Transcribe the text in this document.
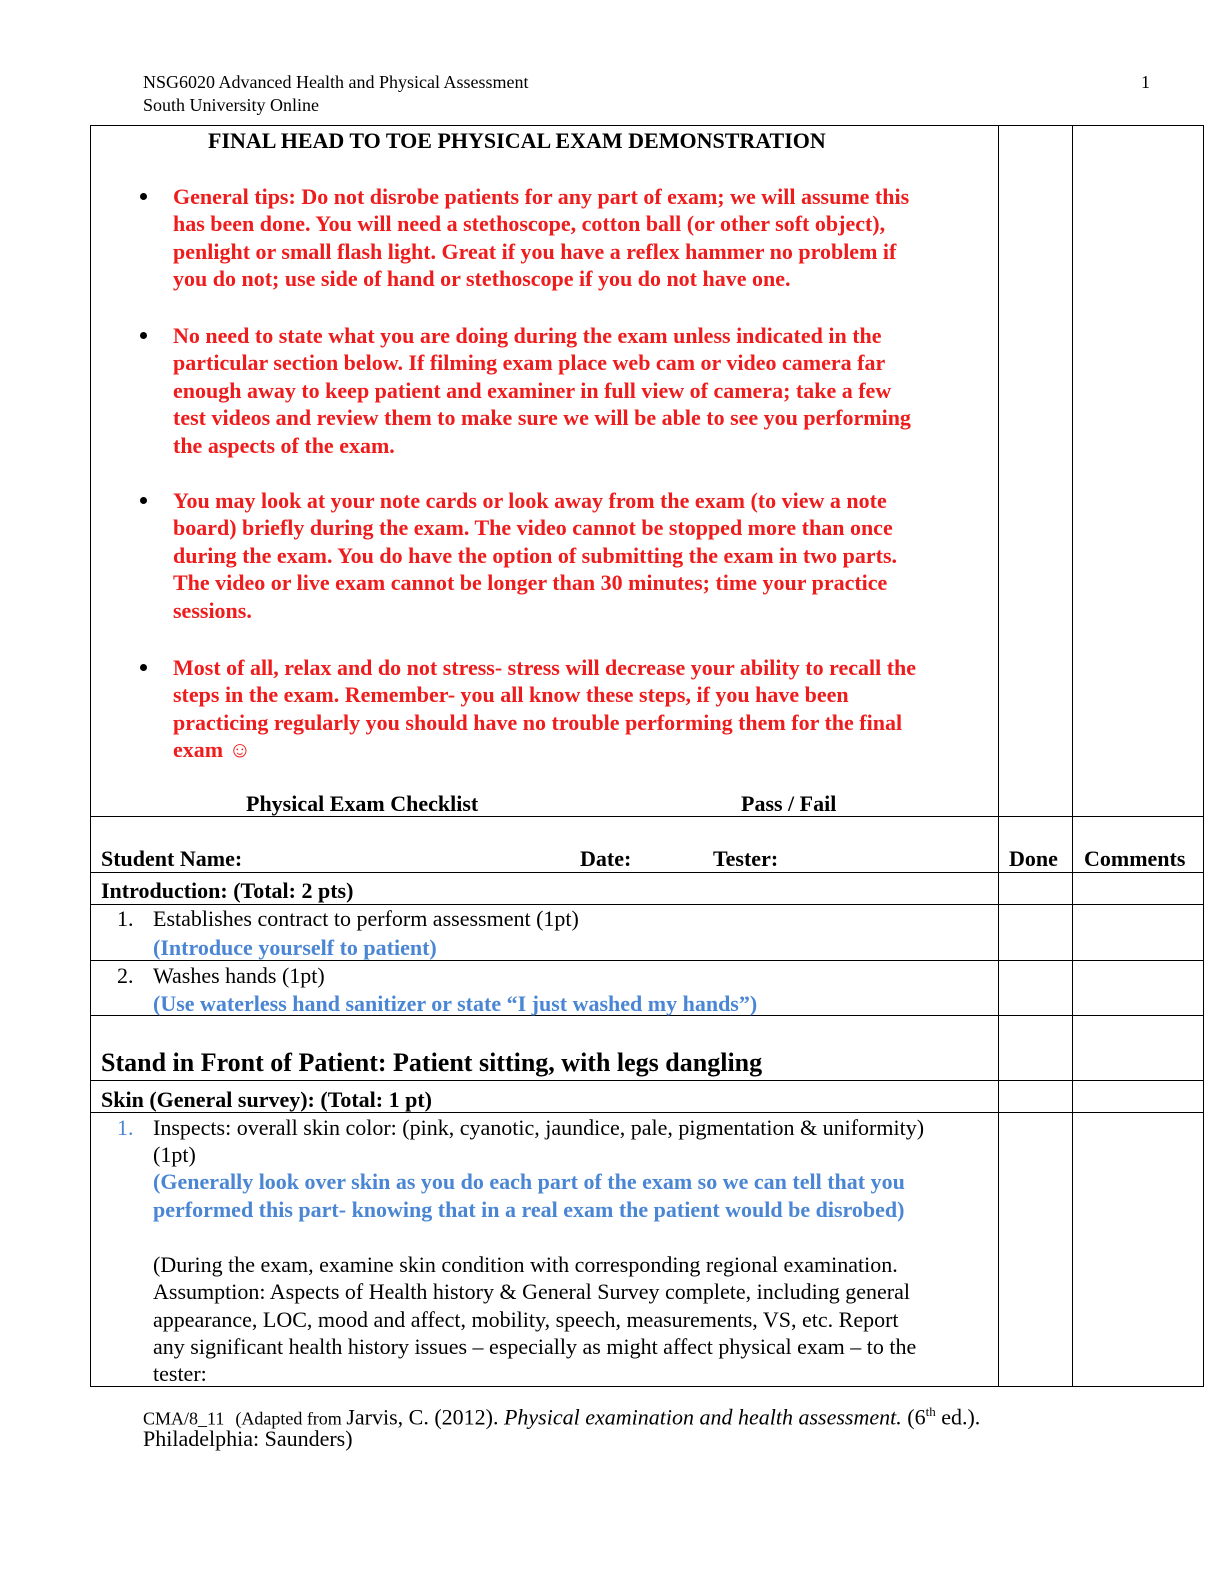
NSG6020 Advanced Health and Physical Assessment
South University Online
1
FINAL HEAD TO TOE PHYSICAL EXAM DEMONSTRATION
General tips: Do not disrobe patients for any part of exam; we will assume this
has been done. You will need a stethoscope, cotton ball (or other soft object),
penlight or small flash light. Great if you have a reflex hammer no problem if
you do not; use side of hand or stethoscope if you do not have one.
No need to state what you are doing during the exam unless indicated in the
particular section below. If filming exam place web cam or video camera far
enough away to keep patient and examiner in full view of camera; take a few
test videos and review them to make sure we will be able to see you performing
the aspects of the exam.
You may look at your note cards or look away from the exam (to view a note
board) briefly during the exam. The video cannot be stopped more than once
during the exam. You do have the option of submitting the exam in two parts.
The video or live exam cannot be longer than 30 minutes; time your practice
sessions.
Most of all, relax and do not stress- stress will decrease your ability to recall the
steps in the exam. Remember- you all know these steps, if you have been
practicing regularly you should have no trouble performing them for the final
exam ☺
Physical Exam Checklist	Pass / Fail
Student Name:	Date:	Tester:	Done Comments
Introduction: (Total: 2 pts)
1. Establishes contract to perform assessment (1pt)
(Introduce yourself to patient)
2. Washes hands (1pt)
(Use waterless hand sanitizer or state “I just washed my hands”)
Stand in Front of Patient: Patient sitting, with legs dangling
Skin (General survey): (Total: 1 pt)
1. Inspects: overall skin color: (pink, cyanotic, jaundice, pale, pigmentation & uniformity)
(1pt)
(Generally look over skin as you do each part of the exam so we can tell that you
performed this part- knowing that in a real exam the patient would be disrobed)
(During the exam, examine skin condition with corresponding regional examination.
Assumption: Aspects of Health history & General Survey complete, including general
appearance, LOC, mood and affect, mobility, speech, measurements, VS, etc. Report
any significant health history issues – especially as might affect physical exam – to the
tester:
CMA/8_11 (Adapted from Jarvis, C. (2012). Physical examination and health assessment. (6th ed.).
Philadelphia: Saunders)
